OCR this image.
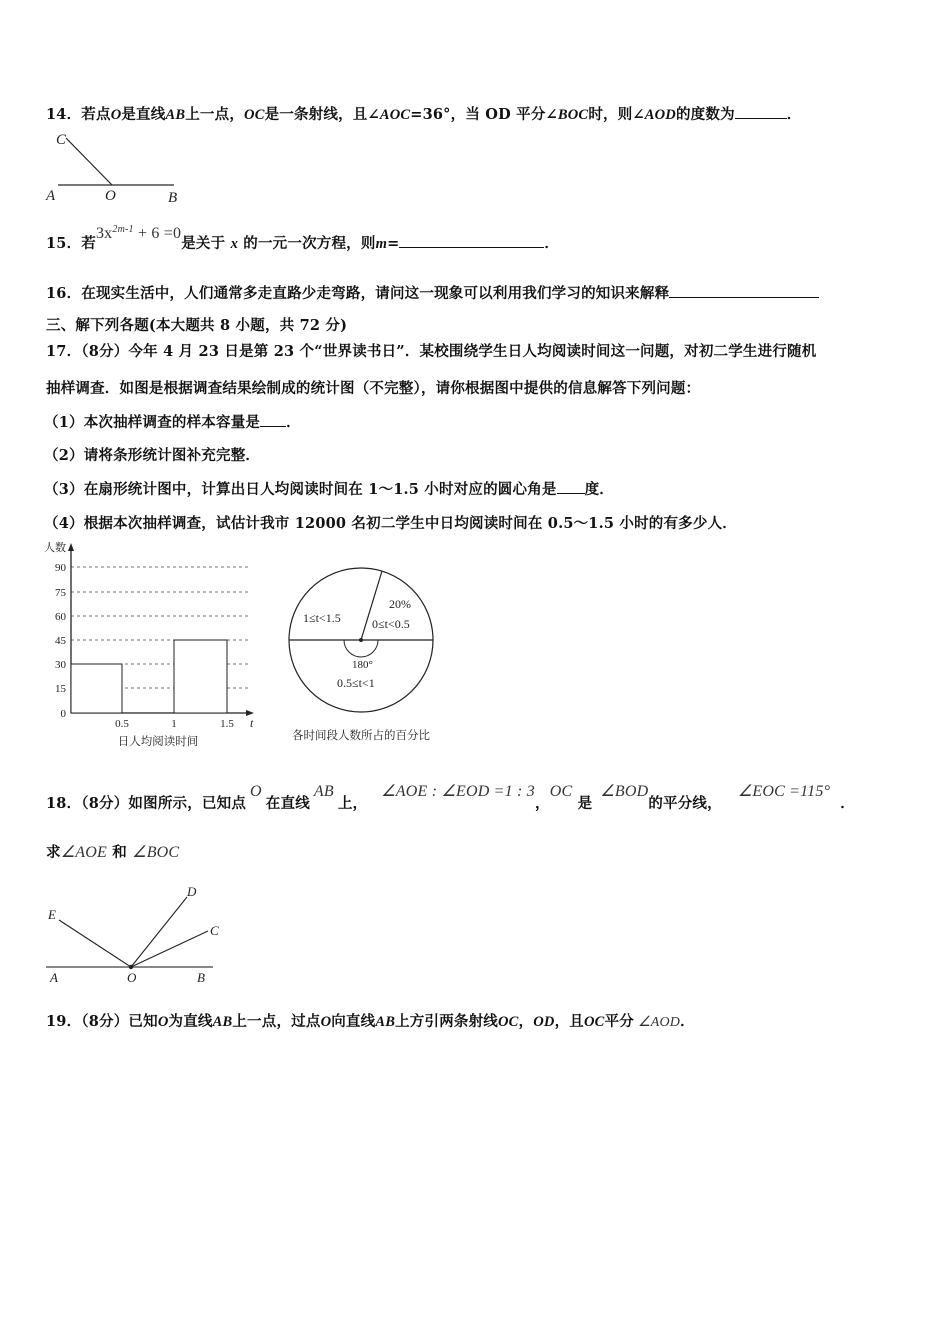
14．若点O是直线AB上一点，OC是一条射线，且∠AOC=36°，当 OD 平分∠BOC时，则∠AOD的度数为	．
C
A	O	B
15．若$3x^{2m-1} + 6 =0$是关于 x 的一元一次方程，则m=	．
16．在现实生活中，人们通常多走直路少走弯路，请问这一现象可以利用我们学习的知识来解释
三、解下列各题(本大题共 8 小题，共 72 分)
17．（8分）今年 4 月 23 日是第 23 个“世界读书日”．某校围绕学生日人均阅读时间这一问题，对初二学生进行随机
抽样调查．如图是根据调查结果绘制成的统计图（不完整），请你根据图中提供的信息解答下列问题：
（1）本次抽样调查的样本容量是 ．
（2）请将条形统计图补充完整．
（3）在扇形统计图中，计算出日人均阅读时间在 1～1.5 小时对应的圆心角是 度．
（4）根据本次抽样调查，试估计我市 12000 名初二学生中日均阅读时间在 0.5～1.5 小时的有多少人．
0
15
30
45
60
75
90
0.5	1	1.5 t
人数
日人均阅读时间
20%
0≤t<0.5
1≤t<1.5
180°
0.5≤t<1
各时间段人数所占的百分比
18．（8分）如图所示，已知点O在直线AB上，∠AOE : ∠EOD =1 : 3，OC 是∠BOD的平分线，∠EOC =115°．
求∠AOE 和 ∠BOC
E
D
C
A	O	B
19．（8分）已知O为直线AB上一点，过点O向直线AB上方引两条射线OC，OD，且OC平分 ∠AOD．
